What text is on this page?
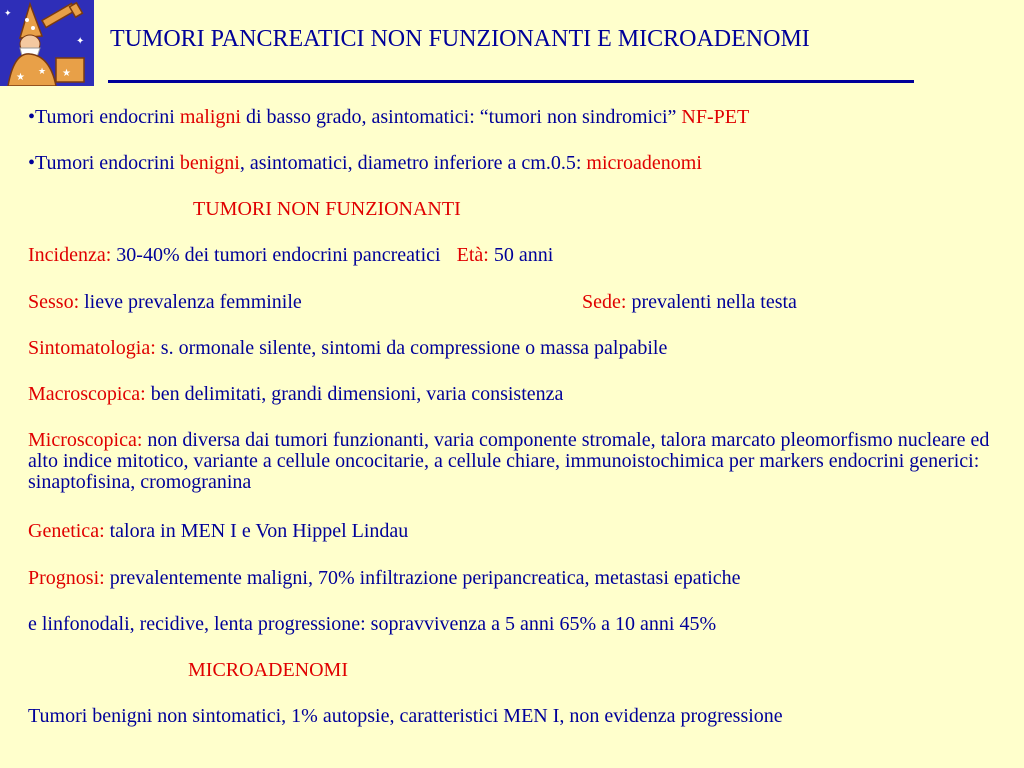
★ ★ ★
✦
✦
TUMORI PANCREATICI NON FUNZIONANTI E MICROADENOMI
•Tumori endocrini maligni di basso grado, asintomatici: “tumori non sindromici” NF-PET
•Tumori endocrini benigni, asintomatici, diametro inferiore a cm.0.5: microadenomi
TUMORI NON FUNZIONANTI
Incidenza: 30-40% dei tumori endocrini pancreatici Età: 50 anni
Sesso: lieve prevalenza femminile	Sede: prevalenti nella testa
Sintomatologia: s. ormonale silente, sintomi da compressione o massa palpabile
Macroscopica: ben delimitati, grandi dimensioni, varia consistenza
Microscopica: non diversa dai tumori funzionanti, varia componente stromale, talora marcato pleomorfismo nucleare ed alto indice mitotico, variante a cellule oncocitarie, a cellule chiare, immunoistochimica per markers endocrini generici: sinaptofisina, cromogranina
Genetica: talora in MEN I e Von Hippel Lindau
Prognosi: prevalentemente maligni, 70% infiltrazione peripancreatica, metastasi epatiche
e linfonodali, recidive, lenta progressione: sopravvivenza a 5 anni 65% a 10 anni 45%
MICROADENOMI
Tumori benigni non sintomatici, 1% autopsie, caratteristici MEN I, non evidenza progressione
